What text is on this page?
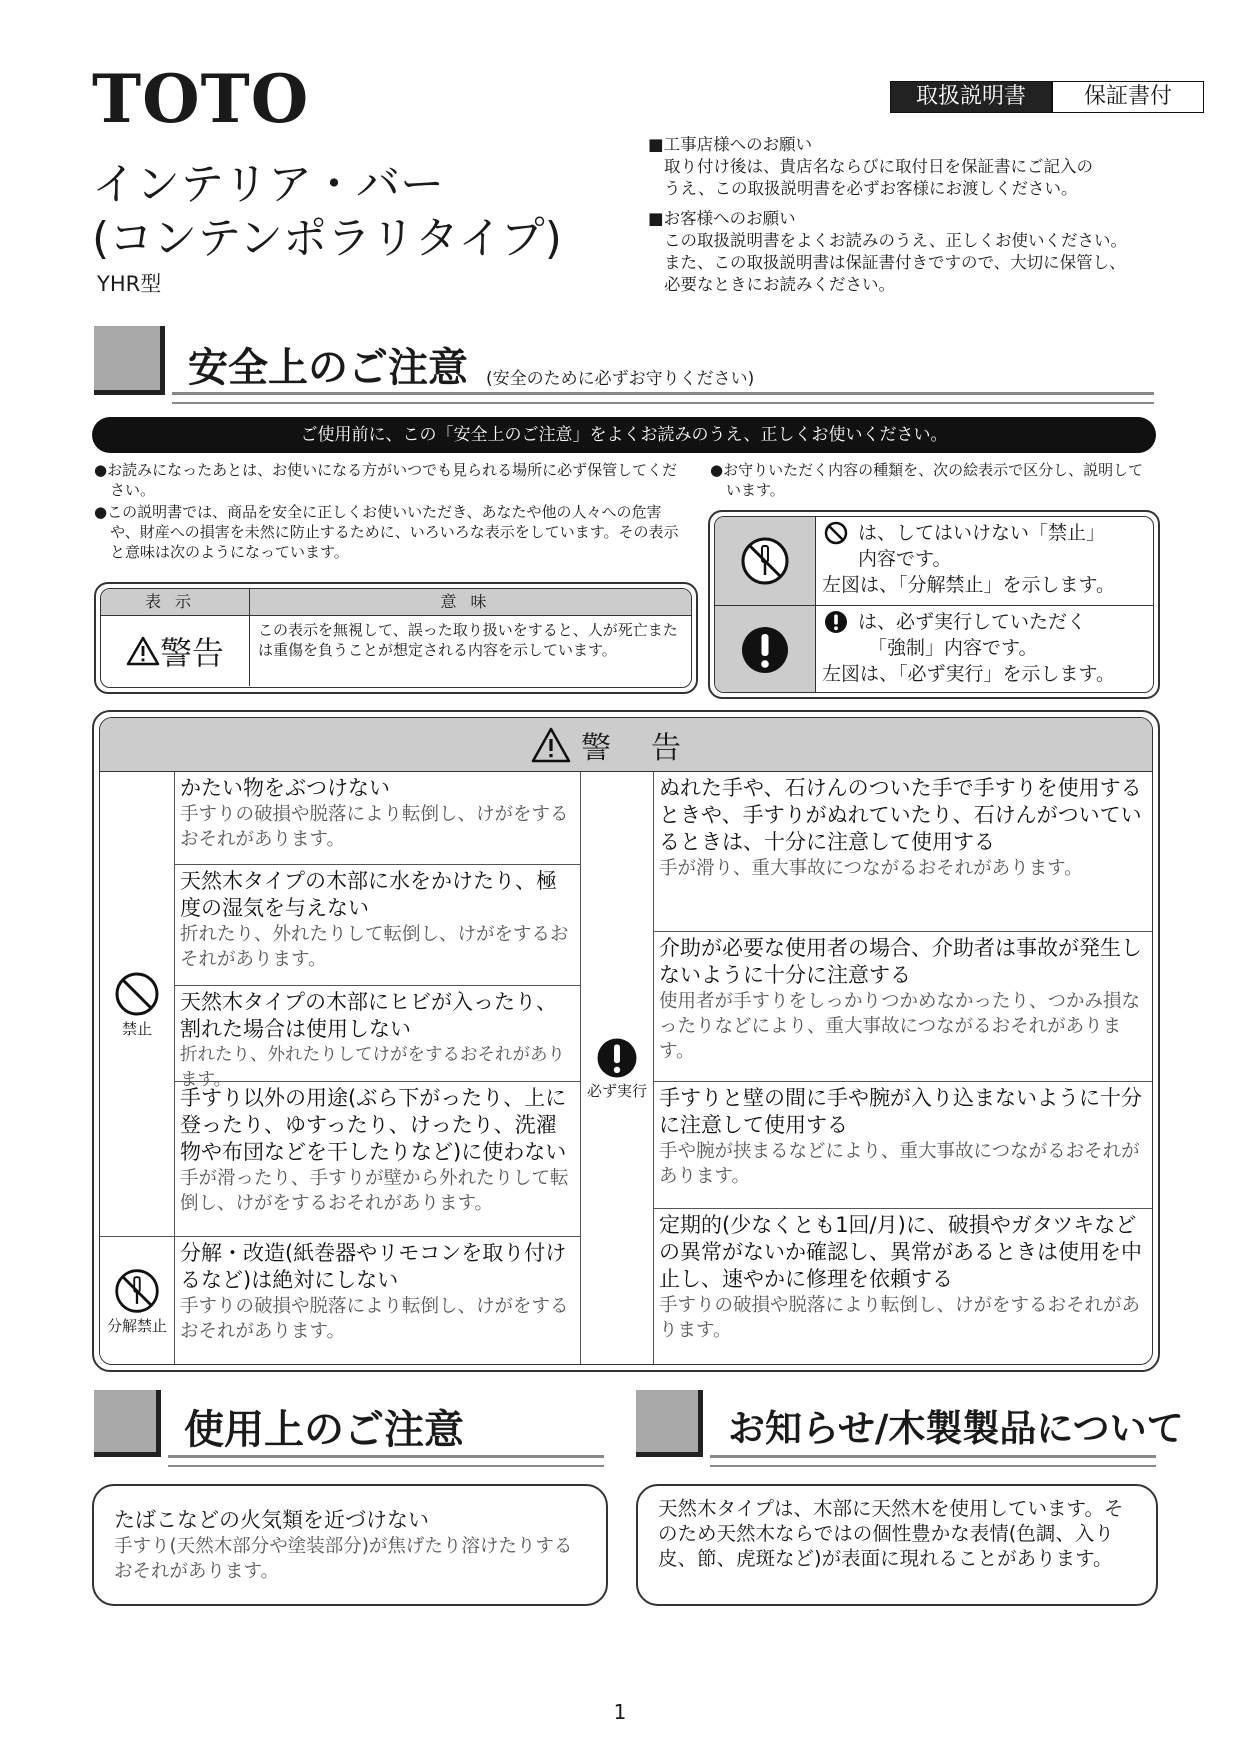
TOTO
インテリア・バー
(コンテンポラリタイプ)
YHR型
取扱説明書	保証書付
■工事店様へのお願い

取り付け後は、貴店名ならびに取付日を保証書にご記入の

うえ、この取扱説明書を必ずお客様にお渡しください。

■お客様へのお願い

この取扱説明書をよくお読みのうえ、正しくお使いください。

また、この取扱説明書は保証書付きですので、大切に保管し、

必要なときにお読みください。

安全上のご注意 (安全のために必ずお守りください)
ご使用前に、この「安全上のご注意」をよくお読みのうえ、正しくお使いください。
●お読みになったあとは、お使いになる方がいつでも見られる場所に必ず保管してください。
●この説明書では、商品を安全に正しくお使いいただき、あなたや他の人々への危害や、財産への損害を未然に防止するために、いろいろな表示をしています。その表示と意味は次のようになっています。
●お守りいただく内容の種類を、次の絵表示で区分し、説明しています。
表示	意味
警告
この表示を無視して、誤った取り扱いをすると、人が死亡または重傷を負うことが想定される内容を示しています。
は、してはいけない「禁止」
内容です。
左図は、「分解禁止」を示します。
は、必ず実行していただく
「強制」内容です。
左図は、「必ず実行」を示します。
警告
禁止
分解禁止
かたい物をぶつけない
手すりの破損や脱落により転倒し、けがをするおそれがあります。
天然木タイプの木部に水をかけたり、極度の湿気を与えない
折れたり、外れたりして転倒し、けがをするおそれがあります。
天然木タイプの木部にヒビが入ったり、割れた場合は使用しない
折れたり、外れたりしてけがをするおそれがあります。
手すり以外の用途(ぶら下がったり、上に登ったり、ゆすったり、けったり、洗濯物や布団などを干したりなど)に使わない
手が滑ったり、手すりが壁から外れたりして転倒し、けがをするおそれがあります。
分解・改造(紙巻器やリモコンを取り付けるなど)は絶対にしない
手すりの破損や脱落により転倒し、けがをするおそれがあります。
必ず実行
ぬれた手や、石けんのついた手で手すりを使用するときや、手すりがぬれていたり、石けんがついているときは、十分に注意して使用する
手が滑り、重大事故につながるおそれがあります。
介助が必要な使用者の場合、介助者は事故が発生しないように十分に注意する
使用者が手すりをしっかりつかめなかったり、つかみ損なったりなどにより、重大事故につながるおそれがあります。
手すりと壁の間に手や腕が入り込まないように十分に注意して使用する
手や腕が挟まるなどにより、重大事故につながるおそれがあります。
定期的(少なくとも1回/月)に、破損やガタツキなどの異常がないか確認し、異常があるときは使用を中止し、速やかに修理を依頼する
手すりの破損や脱落により転倒し、けがをするおそれがあります。
使用上のご注意
たばこなどの火気類を近づけない
手すり(天然木部分や塗装部分)が焦げたり溶けたりするおそれがあります。
お知らせ/木製製品について
天然木タイプは、木部に天然木を使用しています。そのため天然木ならではの個性豊かな表情(色調、入り皮、節、虎斑など)が表面に現れることがあります。
1
